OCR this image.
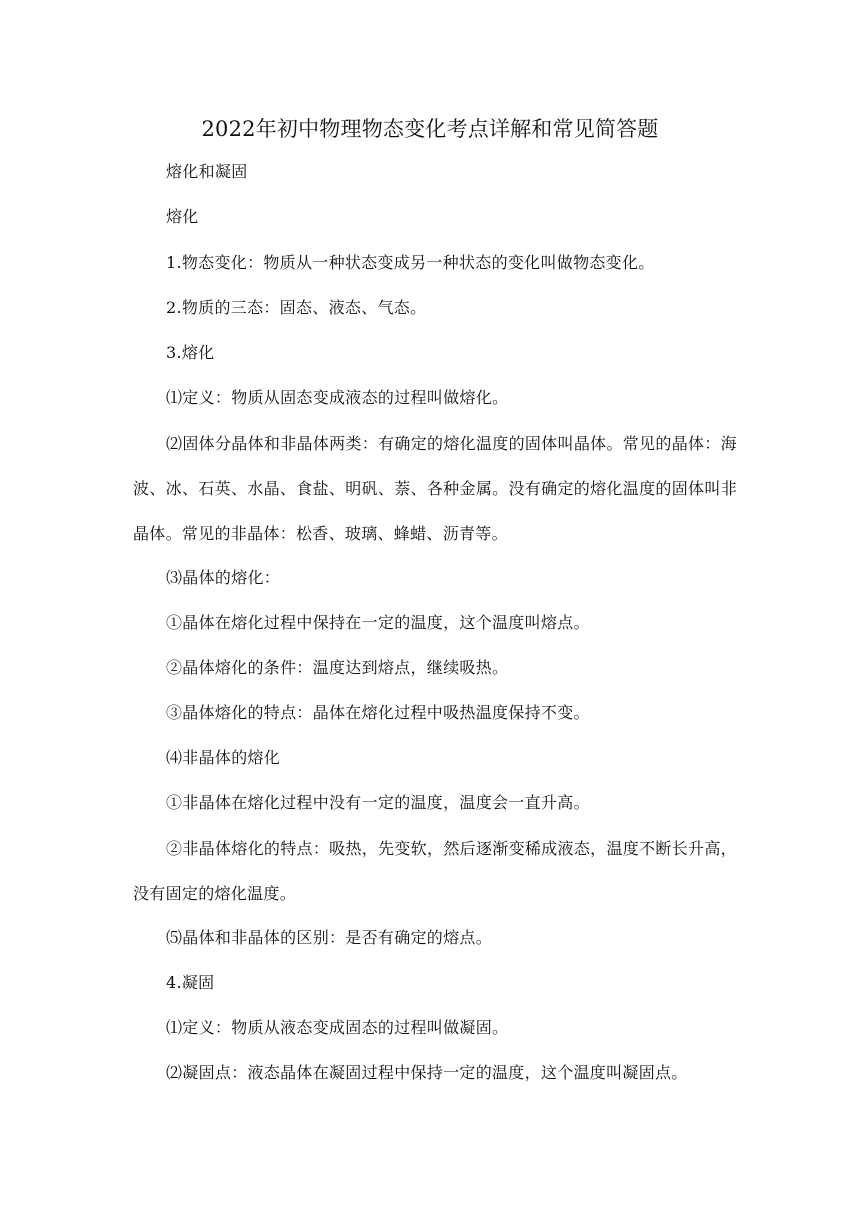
2022年初中物理物态变化考点详解和常见简答题
熔化和凝固
熔化
1.物态变化：物质从一种状态变成另一种状态的变化叫做物态变化。
2.物质的三态：固态、液态、气态。
3.熔化
⑴定义：物质从固态变成液态的过程叫做熔化。
⑵固体分晶体和非晶体两类：有确定的熔化温度的固体叫晶体。常见的晶体：海波、冰、石英、水晶、食盐、明矾、萘、各种金属。没有确定的熔化温度的固体叫非晶体。常见的非晶体：松香、玻璃、蜂蜡、沥青等。
⑶晶体的熔化：
①晶体在熔化过程中保持在一定的温度，这个温度叫熔点。
②晶体熔化的条件：温度达到熔点，继续吸热。
③晶体熔化的特点：晶体在熔化过程中吸热温度保持不变。
⑷非晶体的熔化
①非晶体在熔化过程中没有一定的温度，温度会一直升高。
②非晶体熔化的特点：吸热，先变软，然后逐渐变稀成液态，温度不断长升高，没有固定的熔化温度。
⑸晶体和非晶体的区别：是否有确定的熔点。
4.凝固
⑴定义：物质从液态变成固态的过程叫做凝固。
⑵凝固点：液态晶体在凝固过程中保持一定的温度，这个温度叫凝固点。
